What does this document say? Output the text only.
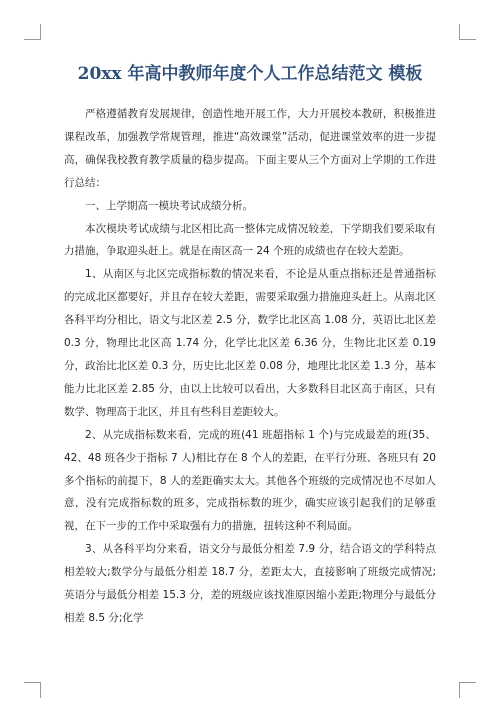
20xx 年高中教师年度个人工作总结范文 模板

严格遵循教育发展规律，创造性地开展工作，大力开展校本教研，积极推进课程改革，加强教学常规管理，推进“高效课堂”活动，促进课堂效率的进一步提高，确保我校教育教学质量的稳步提高。下面主要从三个方面对上学期的工作进行总结：

一、上学期高一模块考试成绩分析。

本次模块考试成绩与北区相比高一整体完成情况较差，下学期我们要采取有力措施，争取迎头赶上。就是在南区高一 24 个班的成绩也存在较大差距。

1、从南区与北区完成指标数的情况来看，不论是从重点指标还是普通指标的完成北区都要好，并且存在较大差距，需要采取强力措施迎头赶上。从南北区各科平均分相比，语文与北区差 2.5 分，数学比北区高 1.08 分，英语比北区差 0.3 分，物理比北区高 1.74 分，化学比北区差 6.36 分，生物比北区差 0.19 分，政治比北区差 0.3 分，历史比北区差 0.08 分，地理比北区差 1.3 分，基本能力比北区差 2.85 分，由以上比较可以看出，大多数科目北区高于南区，只有数学、物理高于北区，并且有些科目差距较大。

2、从完成指标数来看，完成的班(41 班超指标 1 个)与完成最差的班(35、42、48 班各少于指标 7 人)相比存在 8 个人的差距，在平行分班、各班只有 20 多个指标的前提下，8 人的差距确实太大。其他各个班级的完成情况也不尽如人意，没有完成指标数的班多，完成指标数的班少，确实应该引起我们的足够重视，在下一步的工作中采取强有力的措施，扭转这种不利局面。

3、从各科平均分来看，语文分与最低分相差 7.9 分，结合语文的学科特点相差较大;数学分与最低分相差 18.7 分，差距太大，直接影响了班级完成情况;英语分与最低分相差 15.3 分，差的班级应该找准原因缩小差距;物理分与最低分相差 8.5 分;化学
